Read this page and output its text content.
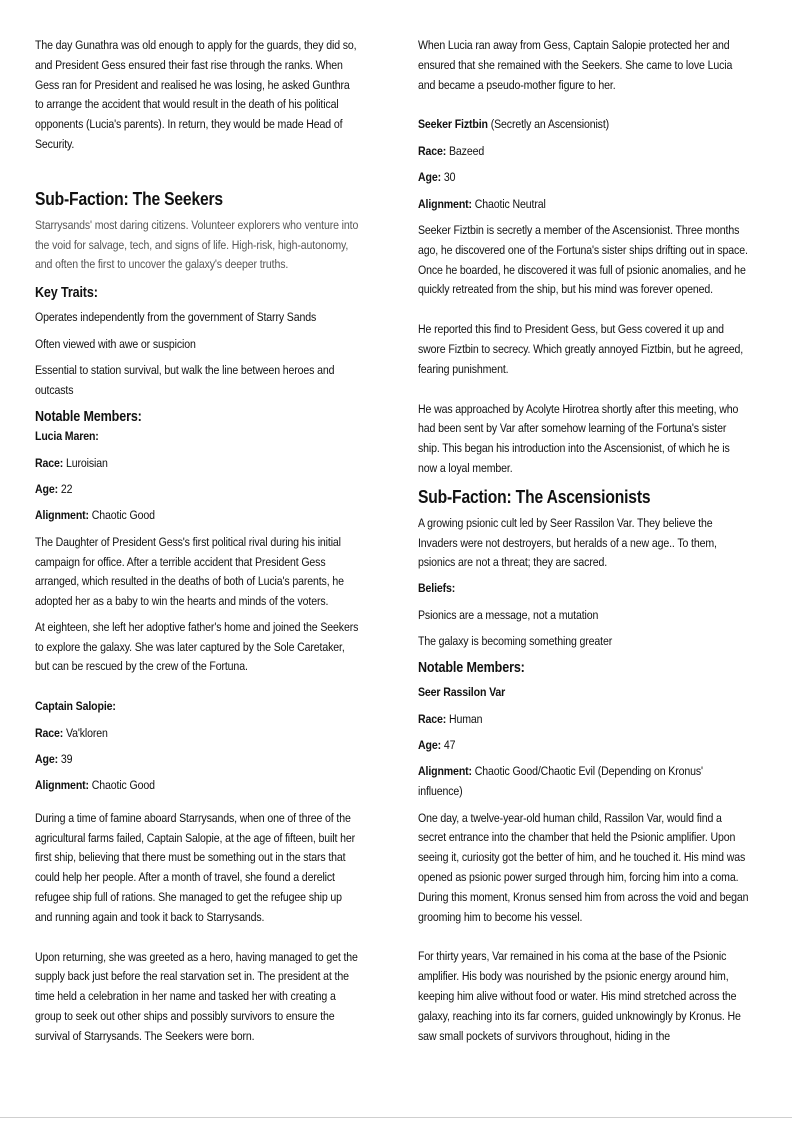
The day Gunathra was old enough to apply for the guards, they did so, and President Gess ensured their fast rise through the ranks. When Gess ran for President and realised he was losing, he asked Gunthra to arrange the accident that would result in the death of his political opponents (Lucia's parents). In return, they would be made Head of Security.

Sub-Faction: The Seekers

Starrysands' most daring citizens. Volunteer explorers who venture into the void for salvage, tech, and signs of life. High-risk, high-autonomy, and often the first to uncover the galaxy's deeper truths.

Key Traits:

Operates independently from the government of Starry Sands

Often viewed with awe or suspicion

Essential to station survival, but walk the line between heroes and outcasts

Notable Members:
Lucia Maren:
Race: Luroisian
Age: 22
Alignment: Chaotic Good

The Daughter of President Gess's first political rival during his initial campaign for office. After a terrible accident that President Gess arranged, which resulted in the deaths of both of Lucia's parents, he adopted her as a baby to win the hearts and minds of the voters.

At eighteen, she left her adoptive father's home and joined the Seekers to explore the galaxy. She was later captured by the Sole Caretaker, but can be rescued by the crew of the Fortuna.

Captain Salopie:
Race: Va'kloren
Age: 39
Alignment: Chaotic Good

During a time of famine aboard Starrysands, when one of three of the agricultural farms failed, Captain Salopie, at the age of fifteen, built her first ship, believing that there must be something out in the stars that could help her people. After a month of travel, she found a derelict refugee ship full of rations. She managed to get the refugee ship up and running again and took it back to Starrysands.

Upon returning, she was greeted as a hero, having managed to get the supply back just before the real starvation set in. The president at the time held a celebration in her name and tasked her with creating a group to seek out other ships and possibly survivors to ensure the survival of Starrysands. The Seekers were born.

When Lucia ran away from Gess, Captain Salopie protected her and ensured that she remained with the Seekers. She came to love Lucia and became a pseudo-mother figure to her.

Seeker Fiztbin (Secretly an Ascensionist)
Race: Bazeed
Age: 30
Alignment: Chaotic Neutral

Seeker Fiztbin is secretly a member of the Ascensionist. Three months ago, he discovered one of the Fortuna's sister ships drifting out in space. Once he boarded, he discovered it was full of psionic anomalies, and he quickly retreated from the ship, but his mind was forever opened.

He reported this find to President Gess, but Gess covered it up and swore Fiztbin to secrecy. Which greatly annoyed Fiztbin, but he agreed, fearing punishment.

He was approached by Acolyte Hirotrea shortly after this meeting, who had been sent by Var after somehow learning of the Fortuna's sister ship. This began his introduction into the Ascensionist, of which he is now a loyal member.

Sub-Faction: The Ascensionists

A growing psionic cult led by Seer Rassilon Var. They believe the Invaders were not destroyers, but heralds of a new age.. To them, psionics are not a threat; they are sacred.

Beliefs:

Psionics are a message, not a mutation

The galaxy is becoming something greater

Notable Members:
Seer Rassilon Var
Race: Human
Age: 47
Alignment: Chaotic Good/Chaotic Evil (Depending on Kronus' influence)

One day, a twelve-year-old human child, Rassilon Var, would find a secret entrance into the chamber that held the Psionic amplifier. Upon seeing it, curiosity got the better of him, and he touched it. His mind was opened as psionic power surged through him, forcing him into a coma. During this moment, Kronus sensed him from across the void and began grooming him to become his vessel.

For thirty years, Var remained in his coma at the base of the Psionic amplifier. His body was nourished by the psionic energy around him, keeping him alive without food or water. His mind stretched across the galaxy, reaching into its far corners, guided unknowingly by Kronus. He saw small pockets of survivors throughout, hiding in the
